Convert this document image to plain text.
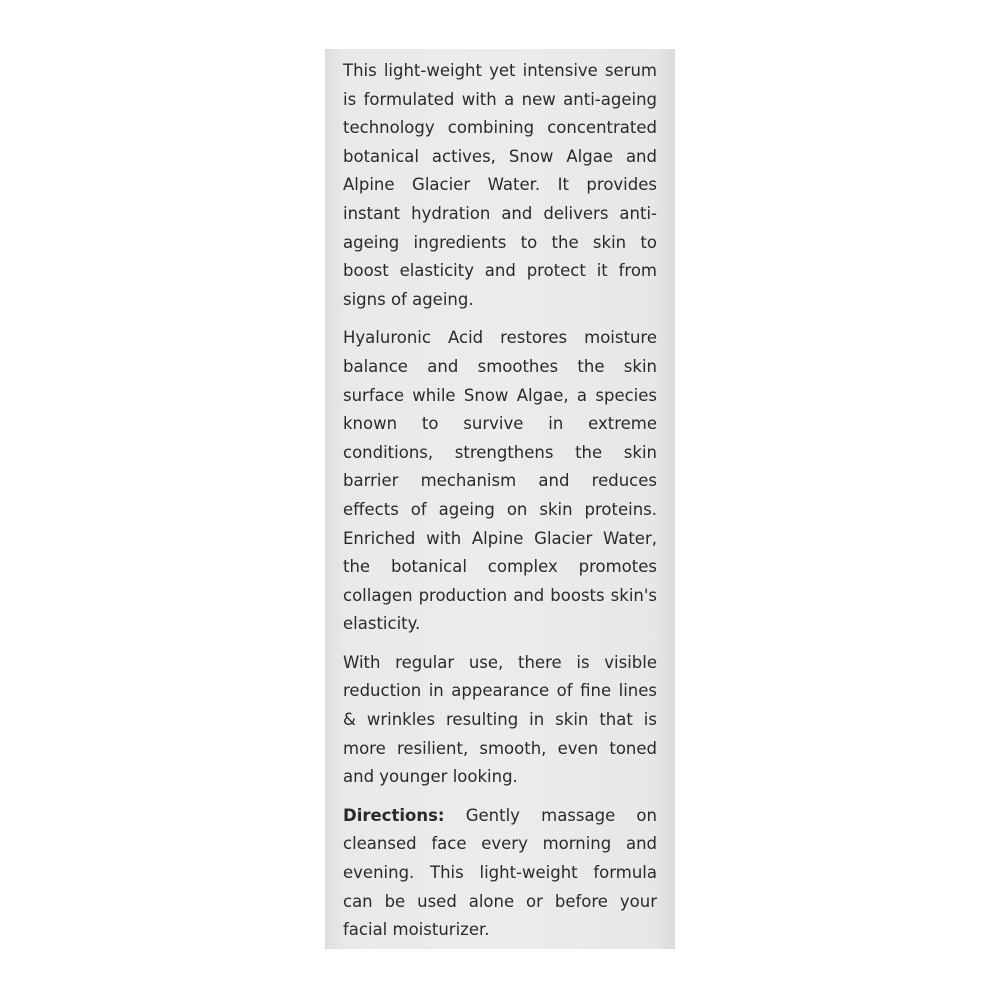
This light-weight yet intensive serum is formulated with a new anti-ageing technology combining concentrated botanical actives, Snow Algae and Alpine Glacier Water. It provides instant hydration and delivers anti-ageing ingredients to the skin to boost elasticity and protect it from signs of ageing.

Hyaluronic Acid restores moisture balance and smoothes the skin surface while Snow Algae, a species known to survive in extreme conditions, strengthens the skin barrier mechanism and reduces effects of ageing on skin proteins. Enriched with Alpine Glacier Water, the botanical complex promotes collagen production and boosts skin's elasticity.

With regular use, there is visible reduction in appearance of fine lines & wrinkles resulting in skin that is more resilient, smooth, even toned and younger looking.

Directions: Gently massage on cleansed face every morning and evening. This light-weight formula can be used alone or before your facial moisturizer.
